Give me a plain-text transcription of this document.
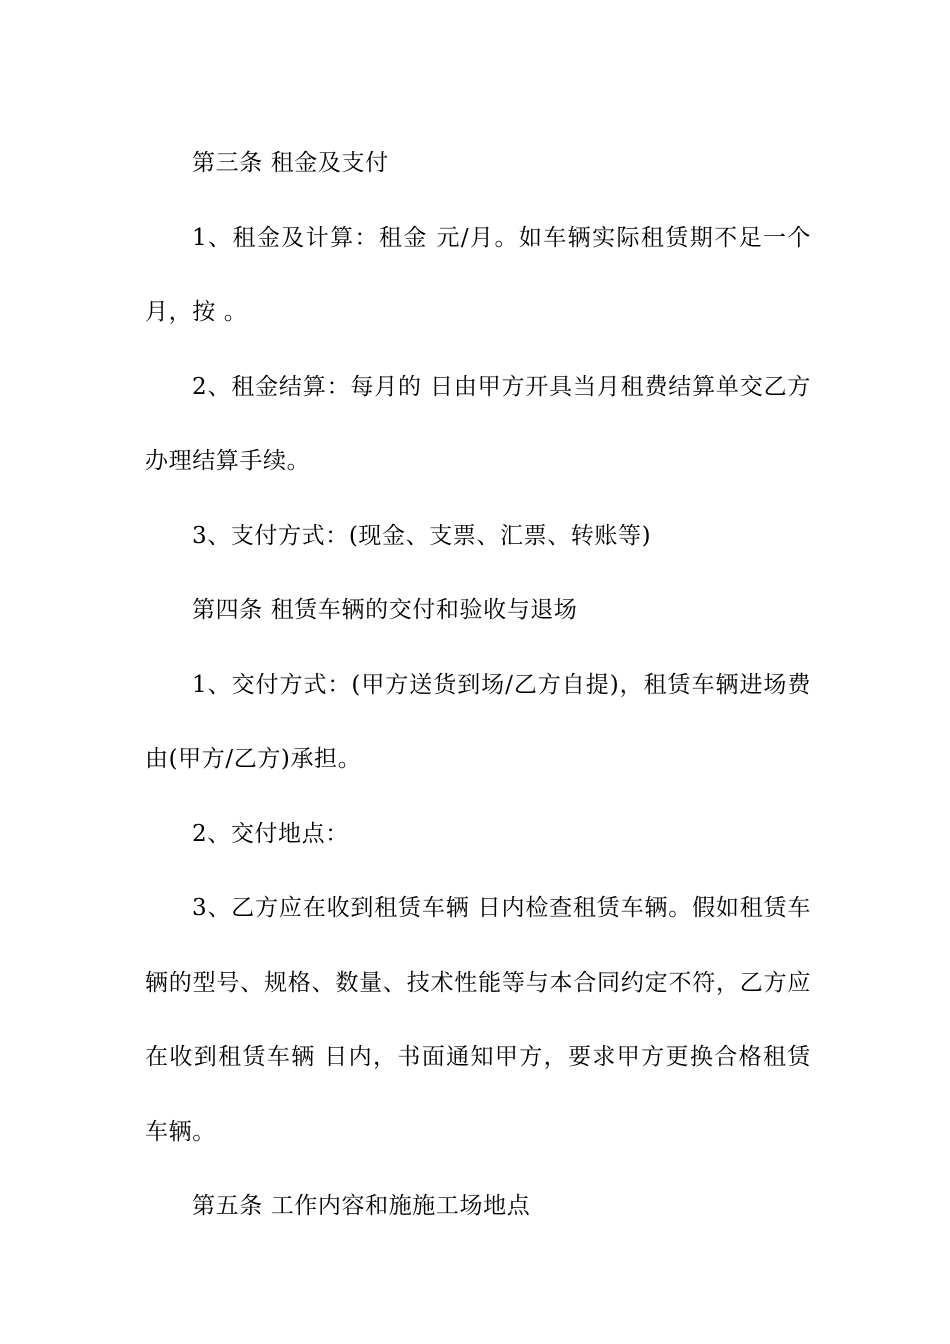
第三条 租金及支付

1、租金及计算：租金 元/月。如车辆实际租赁期不足一个月，按 。

2、租金结算：每月的 日由甲方开具当月租费结算单交乙方办理结算手续。

3、支付方式：(现金、支票、汇票、转账等)

第四条 租赁车辆的交付和验收与退场

1、交付方式：(甲方送货到场/乙方自提)，租赁车辆进场费由(甲方/乙方)承担。

2、交付地点：

3、乙方应在收到租赁车辆 日内检查租赁车辆。假如租赁车辆的型号、规格、数量、技术性能等与本合同约定不符，乙方应在收到租赁车辆 日内，书面通知甲方，要求甲方更换合格租赁车辆。

第五条 工作内容和施施工场地点
